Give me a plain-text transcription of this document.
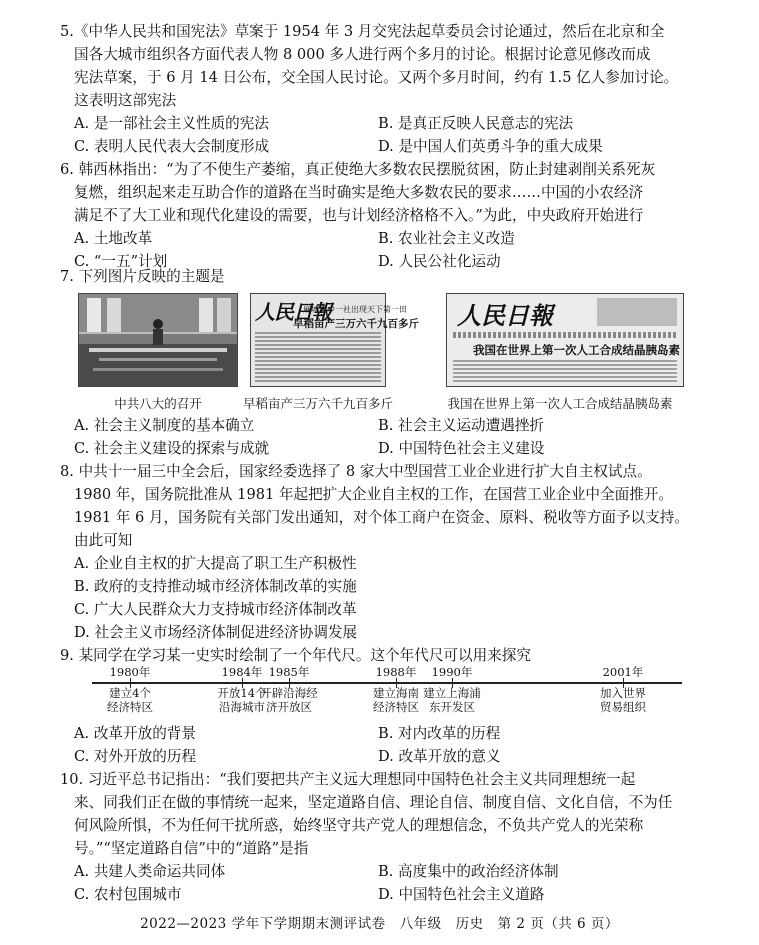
5.《中华人民共和国宪法》草案于 1954 年 3 月交宪法起草委员会讨论通过，然后在北京和全
国各大城市组织各方面代表人物 8 000 多人进行两个多月的讨论。根据讨论意见修改而成
宪法草案，于 6 月 14 日公布，交全国人民讨论。又两个多月时间，约有 1.5 亿人参加讨论。
这表明这部宪法
A. 是一部社会主义性质的宪法	B. 是真正反映人民意志的宪法
C. 表明人民代表大会制度形成	D. 是中国人们英勇斗争的重大成果
6. 韩西林指出：“为了不使生产萎缩，真正使绝大多数农民摆脱贫困，防止封建剥削关系死灰
复燃，组织起来走互助合作的道路在当时确实是绝大多数农民的要求……中国的小农经济
满足不了大工业和现代化建设的需要，也与计划经济格格不入。”为此，中央政府开始进行
A. 土地改革	B. 农业社会主义改造
C. “一五”计划	D. 人民公社化运动
7. 下列图片反映的主题是
中共八大的召开
人民日報
麻城溪中一社出现天下第一田
早稻亩产三万六千九百多斤
早稻亩产三万六千九百多斤
人民日報
我国在世界上第一次人工合成结晶胰岛素
我国在世界上第一次人工合成结晶胰岛素
A. 社会主义制度的基本确立	B. 社会主义运动遭遇挫折
C. 社会主义建设的探索与成就	D. 中国特色社会主义建设
8. 中共十一届三中全会后，国家经委选择了 8 家大中型国营工业企业进行扩大自主权试点。
1980 年，国务院批准从 1981 年起把扩大企业自主权的工作，在国营工业企业中全面推开。
1981 年 6 月，国务院有关部门发出通知，对个体工商户在资金、原料、税收等方面予以支持。
由此可知
A. 企业自主权的扩大提高了职工生产积极性
B. 政府的支持推动城市经济体制改革的实施
C. 广大人民群众大力支持城市经济体制改革
D. 社会主义市场经济体制促进经济协调发展
9. 某同学在学习某一史实时绘制了一个年代尺。这个年代尺可以用来探究
1980年
建立4个
经济特区
1984年
开放14个
沿海城市
1985年
开辟沿海经
济开放区
1988年
建立海南
经济特区
1990年
建立上海浦
东开发区
2001年
加入世界
贸易组织
A. 改革开放的背景	B. 对内改革的历程
C. 对外开放的历程	D. 改革开放的意义
10. 习近平总书记指出：“我们要把共产主义远大理想同中国特色社会主义共同理想统一起
来、同我们正在做的事情统一起来，坚定道路自信、理论自信、制度自信、文化自信，不为任
何风险所惧，不为任何干扰所惑，始终坚守共产党人的理想信念，不负共产党人的光荣称
号。”“坚定道路自信”中的“道路”是指
A. 共建人类命运共同体	B. 高度集中的政治经济体制
C. 农村包围城市	D. 中国特色社会主义道路
2022—2023 学年下学期期末测评试卷　八年级　历史　第 2 页（共 6 页）
